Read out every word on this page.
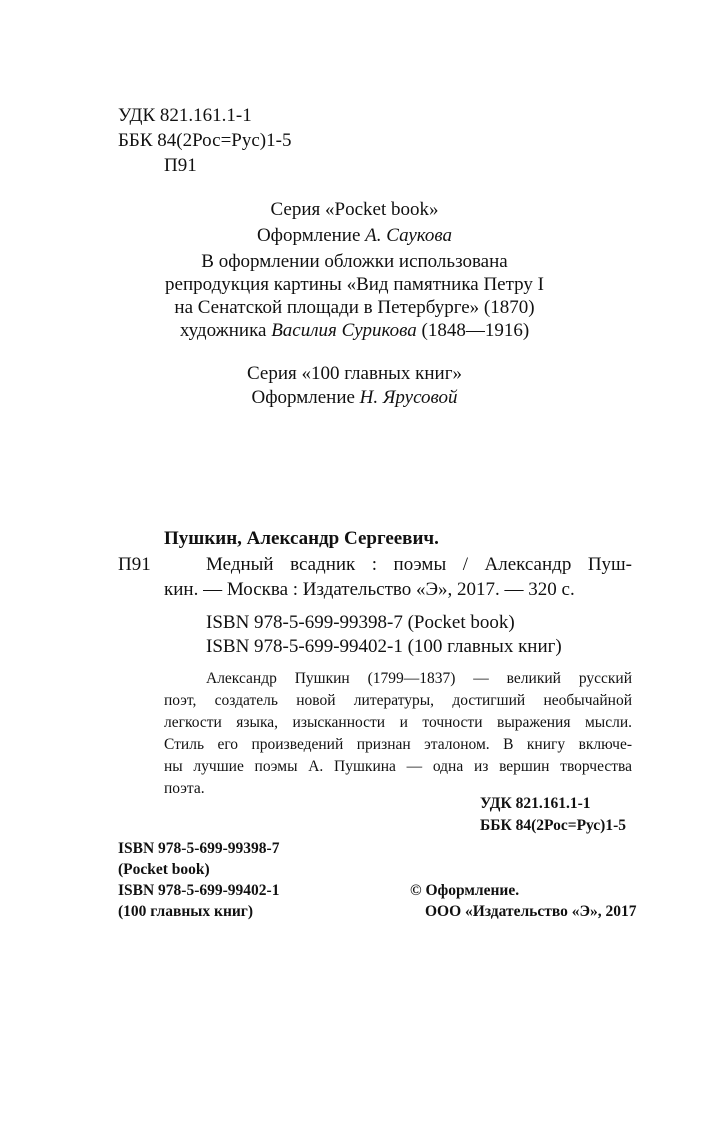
УДК 821.161.1-1
ББК 84(2Рос=Рус)1-5
П91
Серия «Pocket book»
Оформление А. Саукова
В оформлении обложки использована
репродукция картины «Вид памятника Петру I
на Сенатской площади в Петербурге» (1870)
художника Василия Сурикова (1848—1916)
Серия «100 главных книг»
Оформление Н. Ярусовой
Пушкин, Александр Сергеевич.
П91	Медный всадник : поэмы / Александр Пуш-
кин. — Москва : Издательство «Э», 2017. — 320 с.
ISBN 978-5-699-99398-7 (Pocket book)
ISBN 978-5-699-99402-1 (100 главных книг)
Александр Пушкин (1799—1837) — великий русский
поэт, создатель новой литературы, достигший необычайной
легкости языка, изысканности и точности выражения мысли.
Стиль его произведений признан эталоном. В книгу включе-
ны лучшие поэмы А. Пушкина — одна из вершин творчества
поэта.
УДК 821.161.1-1
ББК 84(2Рос=Рус)1-5
ISBN 978-5-699-99398-7
(Pocket book)
ISBN 978-5-699-99402-1
(100 главных книг)
© Оформление.
ООО «Издательство «Э», 2017
